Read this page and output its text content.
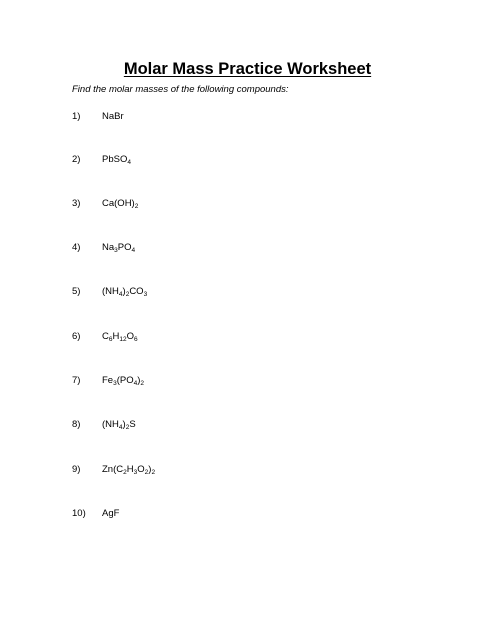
Molar Mass Practice Worksheet

Find the molar masses of the following compounds:

1) NaBr
2) PbSO$_4$
3) $Ca(OH)_2$
4) $Na_3PO_4$
5) $(NH_4)_2CO_3$
6) $C_6H_{12}O_6$
7) $Fe_3(PO_4)_2$
8) $(NH_4)_2S$
9) $Zn(C_2H_3O_2)_2$
10) AgF
